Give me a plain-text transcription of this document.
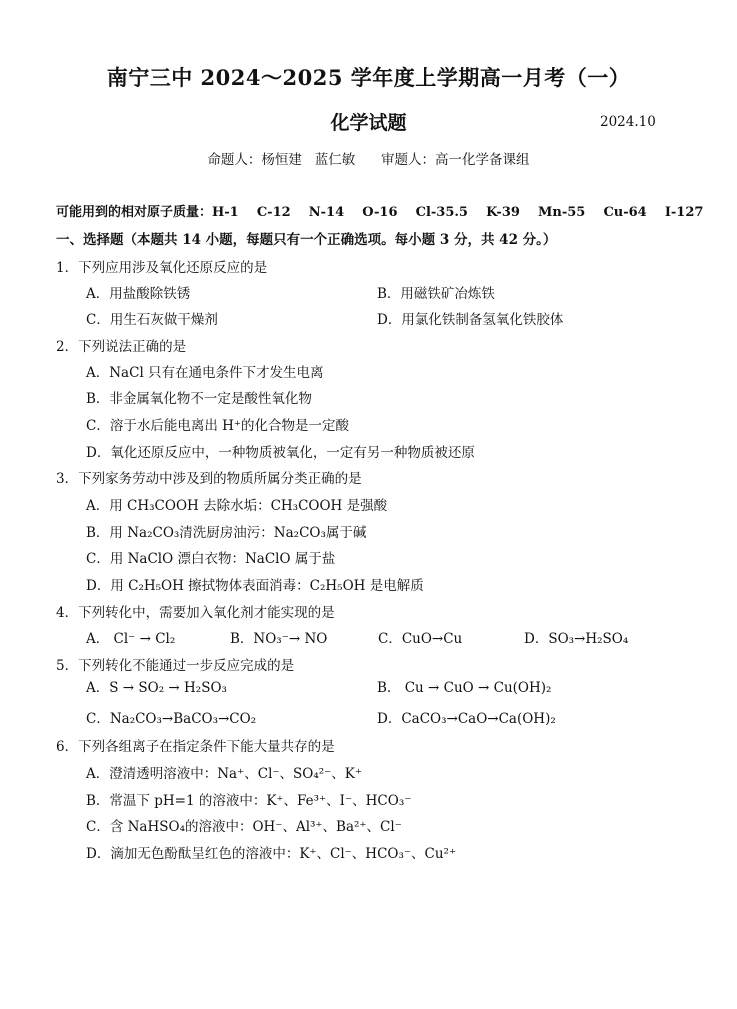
南宁三中 2024～2025 学年度上学期高一月考（一）
化学试题	2024.10
命题人：杨恒建   蓝仁敏      审题人：高一化学备课组
可能用到的相对原子质量：H-1    C-12    N-14    O-16    Cl-35.5    K-39    Mn-55    Cu-64    I-127
一、选择题（本题共 14 小题，每题只有一个正确选项。每小题 3 分，共 42 分。）
1．下列应用涉及氧化还原反应的是
A．用盐酸除铁锈	B．用磁铁矿冶炼铁
C．用生石灰做干燥剂	D．用氯化铁制备氢氧化铁胶体
2．下列说法正确的是
A．NaCl 只有在通电条件下才发生电离
B．非金属氧化物不一定是酸性氧化物
C．溶于水后能电离出 H⁺的化合物是一定酸
D．氧化还原反应中，一种物质被氧化，一定有另一种物质被还原
3．下列家务劳动中涉及到的物质所属分类正确的是
A．用 CH₃COOH 去除水垢：CH₃COOH 是强酸
B．用 Na₂CO₃清洗厨房油污：Na₂CO₃属于碱
C．用 NaClO 漂白衣物：NaClO 属于盐
D．用 C₂H₅OH 擦拭物体表面消毒：C₂H₅OH 是电解质
4．下列转化中，需要加入氧化剂才能实现的是
A． Cl⁻ → Cl₂	B．NO₃⁻→ NO	C．CuO→Cu	D．SO₃→H₂SO₄
5．下列转化不能通过一步反应完成的是
A．S → SO₂ → H₂SO₃	B． Cu → CuO → Cu(OH)₂
C．Na₂CO₃→BaCO₃→CO₂	D．CaCO₃→CaO→Ca(OH)₂
6．下列各组离子在指定条件下能大量共存的是
A．澄清透明溶液中：Na⁺、Cl⁻、SO₄²⁻、K⁺
B．常温下 pH=1 的溶液中：K⁺、Fe³⁺、I⁻、HCO₃⁻
C．含 NaHSO₄的溶液中：OH⁻、Al³⁺、Ba²⁺、Cl⁻
D．滴加无色酚酞呈红色的溶液中：K⁺、Cl⁻、HCO₃⁻、Cu²⁺
